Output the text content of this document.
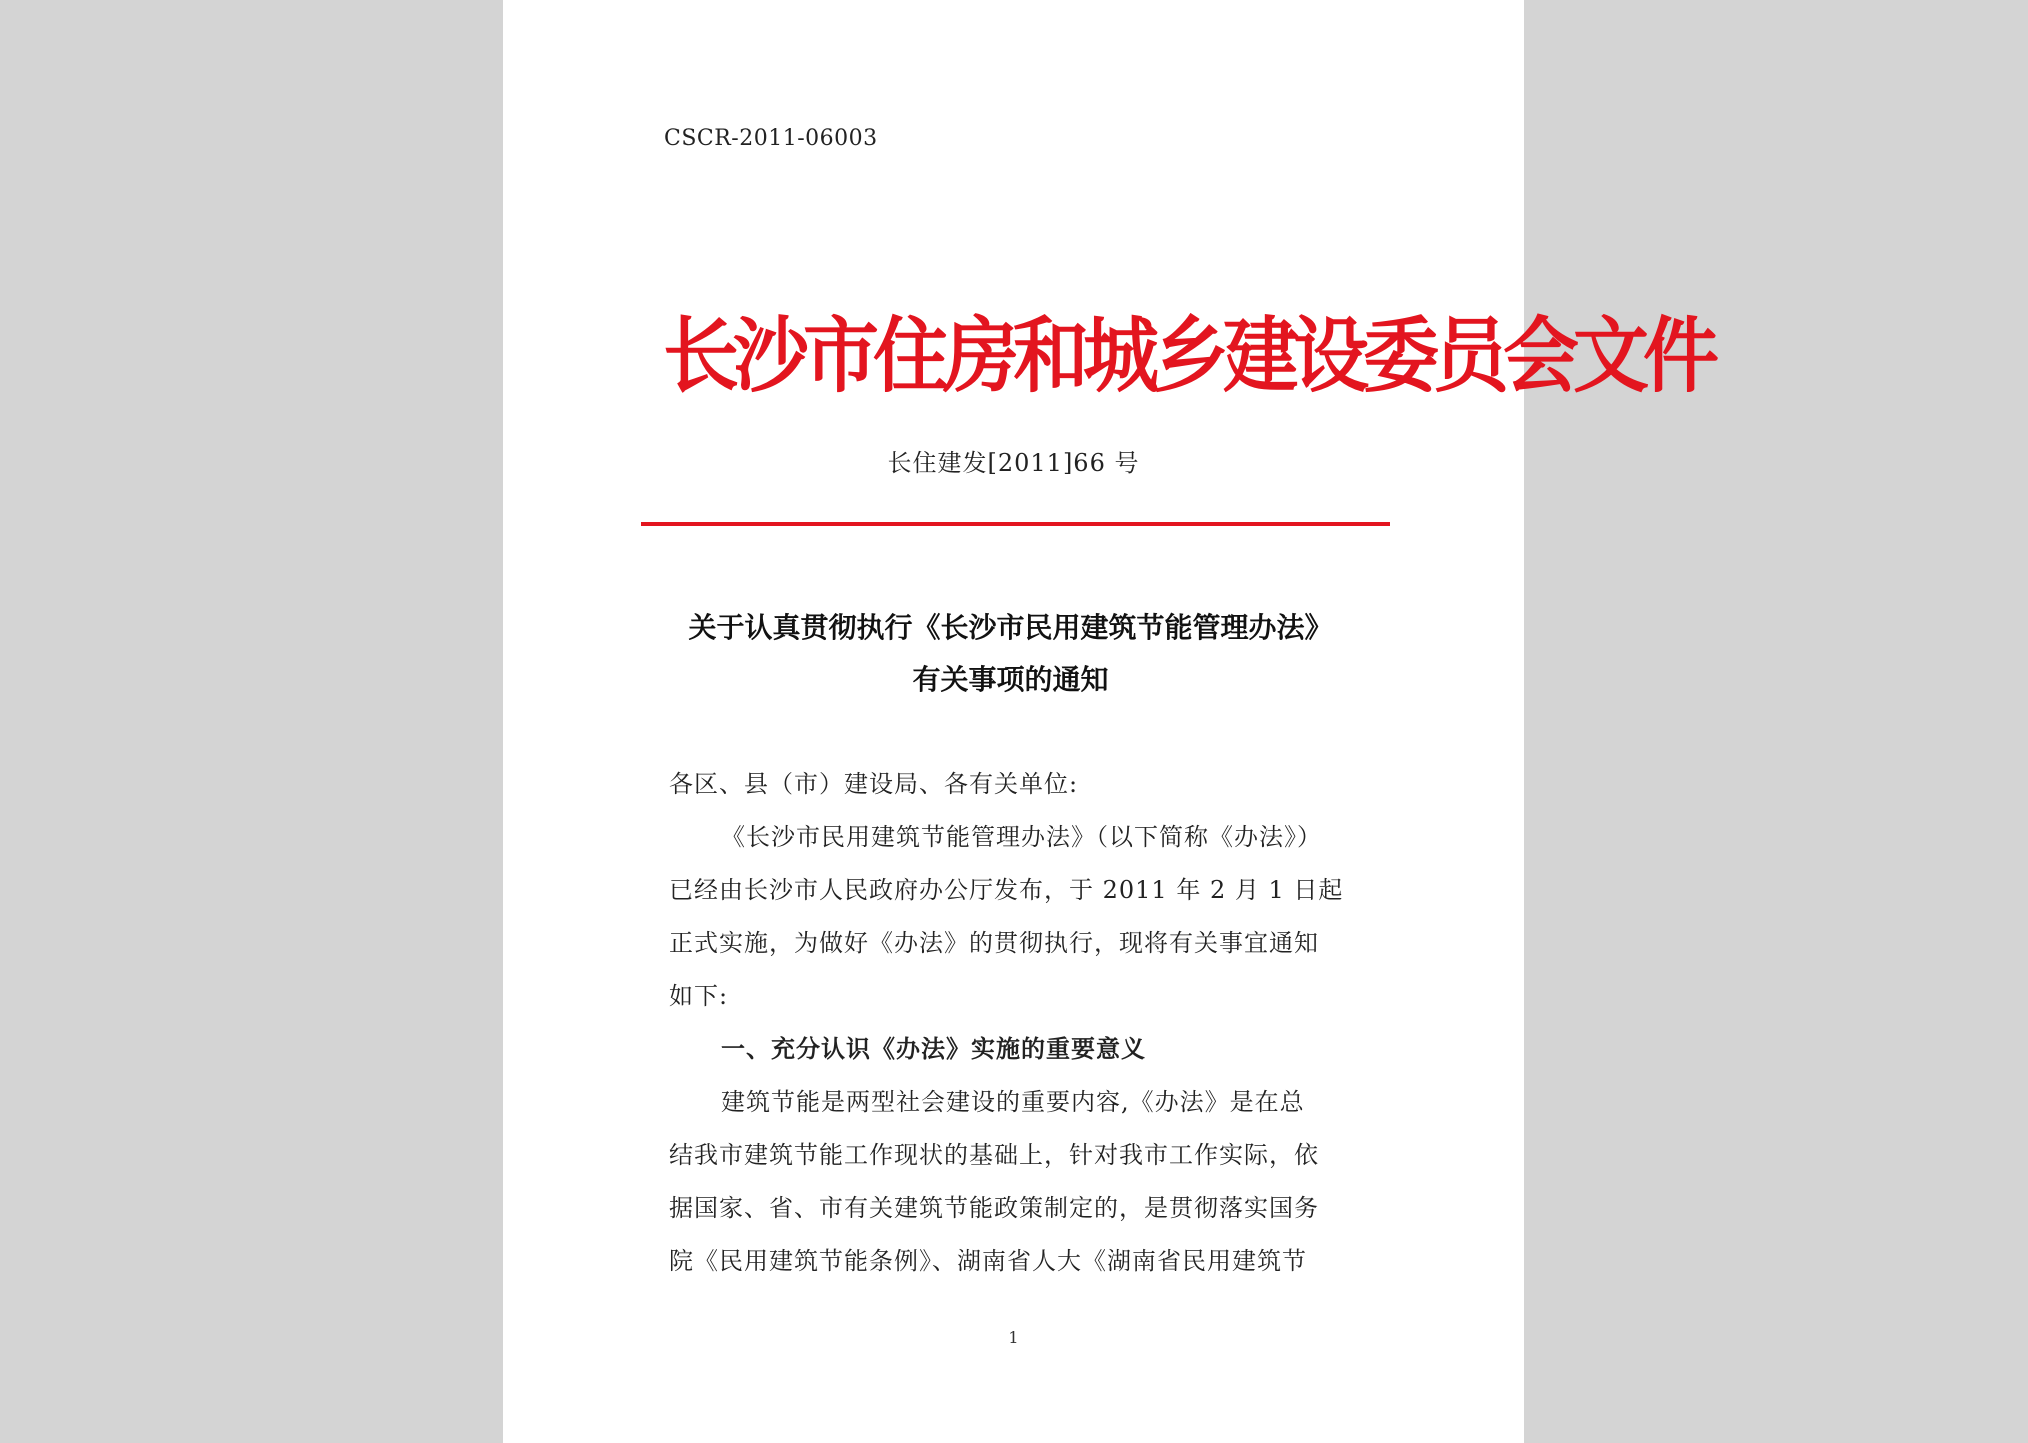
CSCR-2011-06003
长沙市住房和城乡建设委员会文件
长住建发[2011]66 号
关于认真贯彻执行《长沙市民用建筑节能管理办法》
有关事项的通知
各区、县（市）建设局、各有关单位:
《长沙市民用建筑节能管理办法》（以下简称《办法》）
已经由长沙市人民政府办公厅发布，于 2011 年 2 月 1 日起
正式实施，为做好《办法》的贯彻执行，现将有关事宜通知
如下:
一、充分认识《办法》实施的重要意义
建筑节能是两型社会建设的重要内容,《办法》是在总
结我市建筑节能工作现状的基础上，针对我市工作实际，依
据国家、省、市有关建筑节能政策制定的，是贯彻落实国务
院《民用建筑节能条例》、湖南省人大《湖南省民用建筑节
1
